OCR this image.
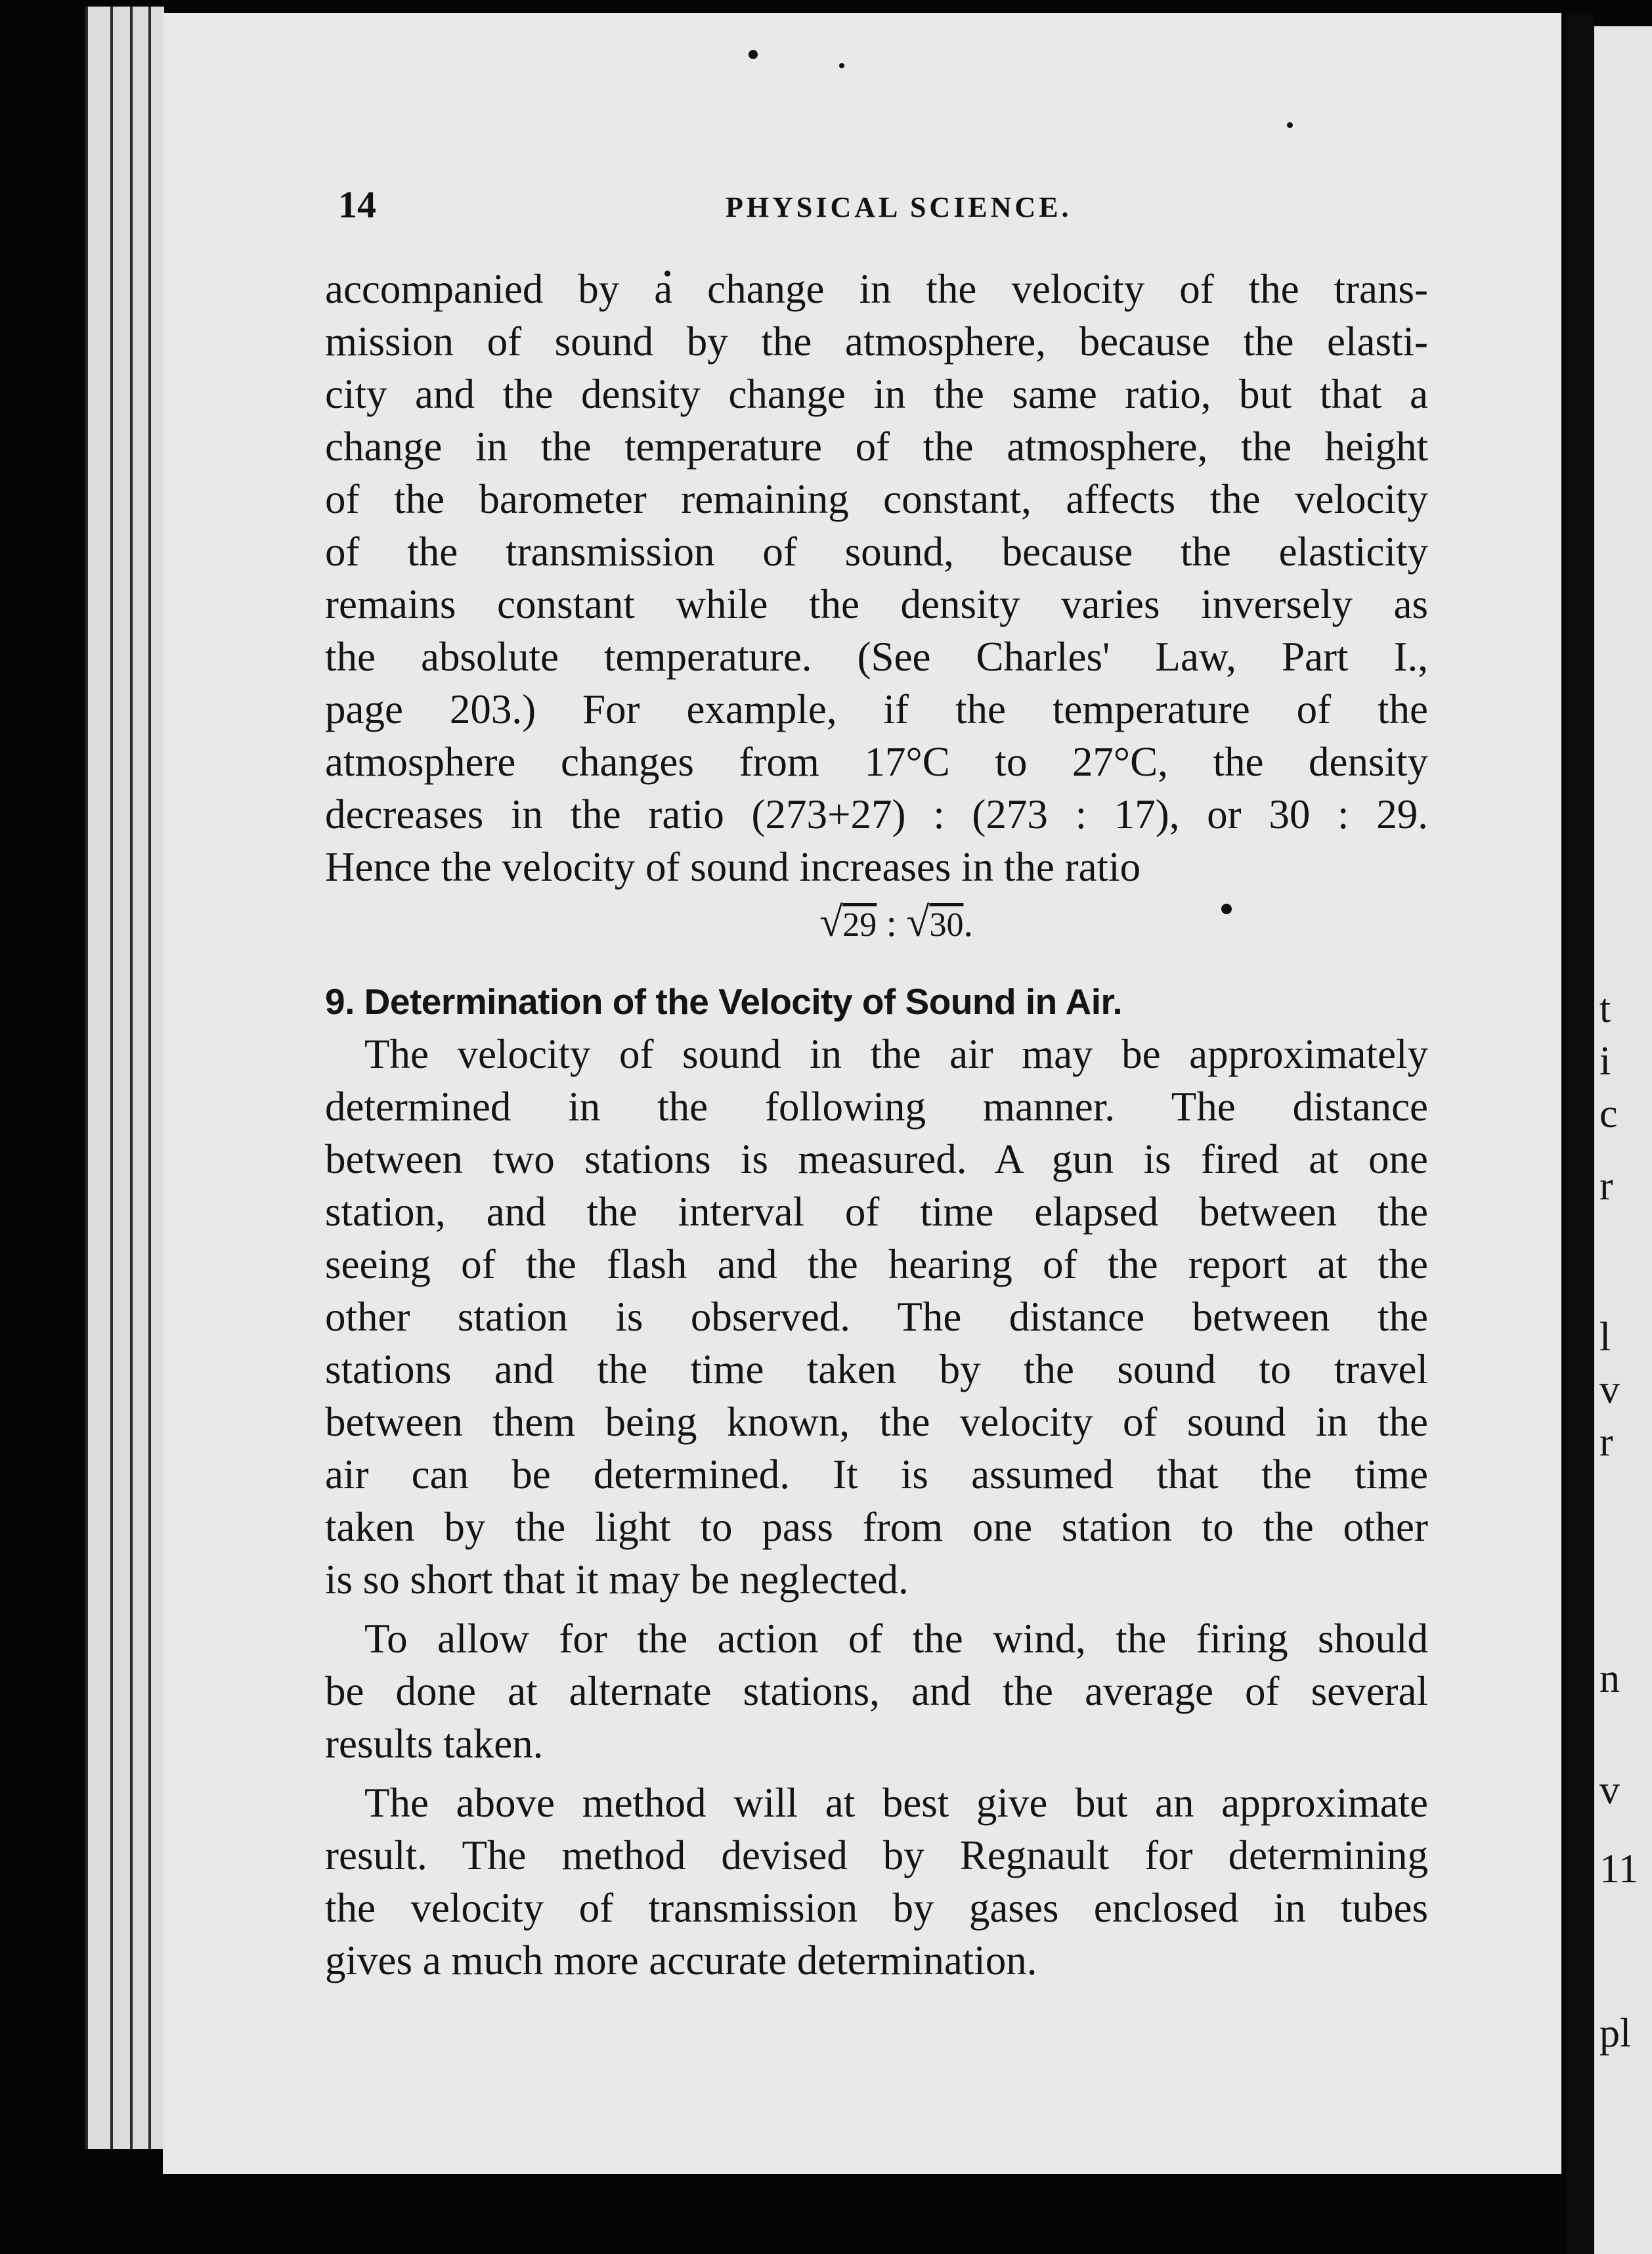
t
i
c
r
l
v
r
n
v
11
pl
14	PHYSICAL SCIENCE.
accompanied by a change in the velocity of the trans-
mission of sound by the atmosphere, because the elasti-
city and the density change in the same ratio, but that a
change in the temperature of the atmosphere, the height
of the barometer remaining constant, affects the velocity
of the transmission of sound, because the elasticity
remains constant while the density varies inversely as
the absolute temperature. (See Charles' Law, Part I.,
page 203.) For example, if the temperature of the
atmosphere changes from 17°C to 27°C, the density
decreases in the ratio (273+27) : (273 : 17), or 30 : 29.
Hence the velocity of sound increases in the ratio
√29 : √30.
9. Determination of the Velocity of Sound in Air.
The velocity of sound in the air may be approximately
determined in the following manner. The distance
between two stations is measured. A gun is fired at one
station, and the interval of time elapsed between the
seeing of the flash and the hearing of the report at the
other station is observed. The distance between the
stations and the time taken by the sound to travel
between them being known, the velocity of sound in the
air can be determined. It is assumed that the time
taken by the light to pass from one station to the other
is so short that it may be neglected.
To allow for the action of the wind, the firing should
be done at alternate stations, and the average of several
results taken.
The above method will at best give but an approximate
result. The method devised by Regnault for determining
the velocity of transmission by gases enclosed in tubes
gives a much more accurate determination.
